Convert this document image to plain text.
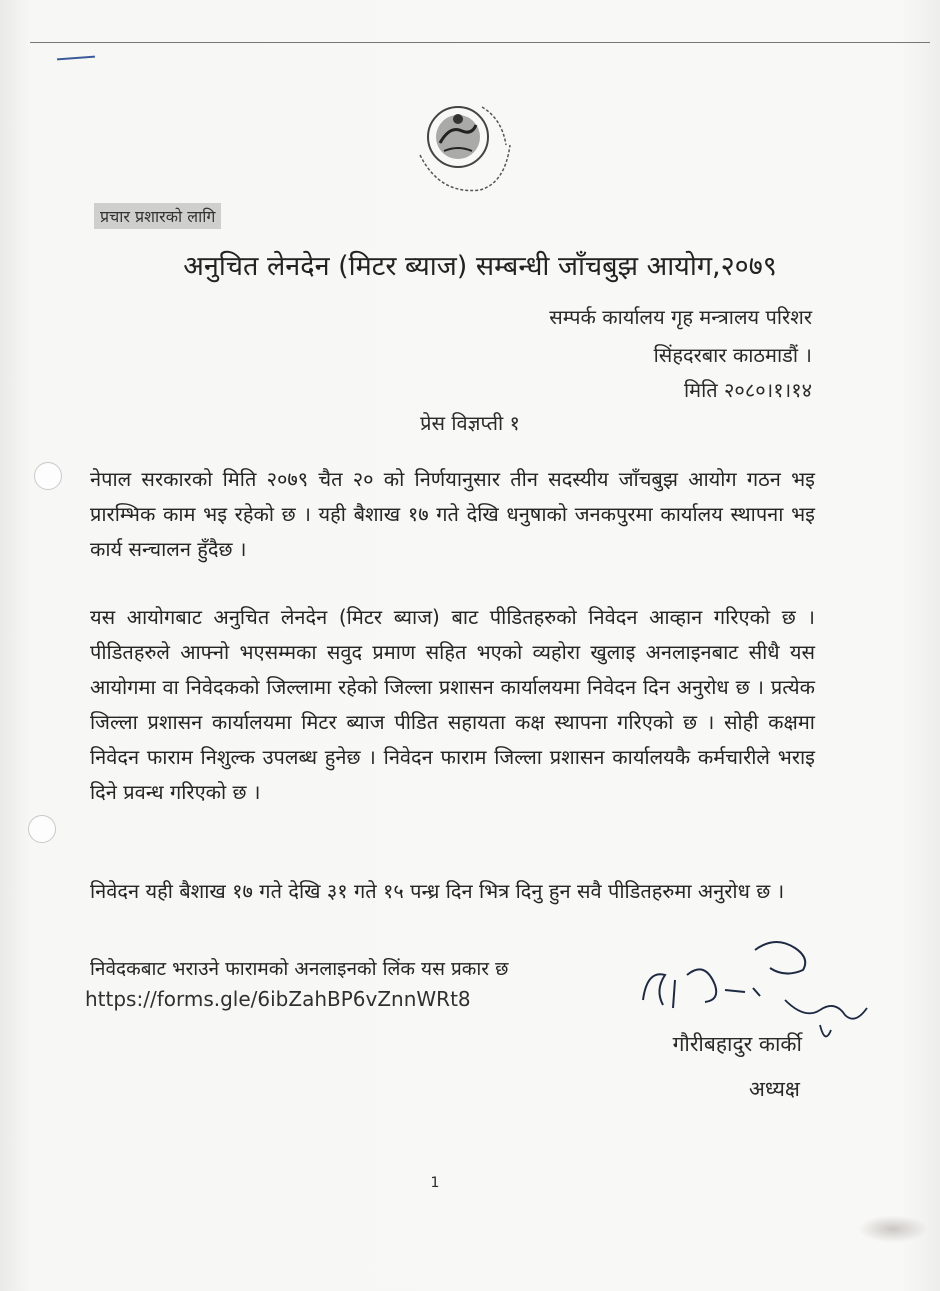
प्रचार प्रशारको लागि
अनुचित लेनदेन (मिटर ब्याज) सम्बन्धी जाँचबुझ आयोग,२०७९
सम्पर्क कार्यालय गृह मन्त्रालय परिशर
सिंहदरबार काठमाडौं ।
मिति २०८०।१।१४
प्रेस विज्ञप्ती १
नेपाल सरकारको मिति २०७९ चैत २० को निर्णयानुसार तीन सदस्यीय जाँचबुझ आयोग गठन भइ प्रारम्भिक काम भइ रहेको छ । यही बैशाख १७ गते देखि धनुषाको जनकपुरमा कार्यालय स्थापना भइ कार्य सन्चालन हुँदैछ ।
यस आयोगबाट अनुचित लेनदेन (मिटर ब्याज) बाट पीडितहरुको निवेदन आव्हान गरिएको छ । पीडितहरुले आफ्नो भएसम्मका सवुद प्रमाण सहित भएको व्यहोरा खुलाइ अनलाइनबाट सीधै यस आयोगमा वा निवेदकको जिल्लामा रहेको जिल्ला प्रशासन कार्यालयमा निवेदन दिन अनुरोध छ । प्रत्येक जिल्ला प्रशासन कार्यालयमा मिटर ब्याज पीडित सहायता कक्ष स्थापना गरिएको छ । सोही कक्षमा निवेदन फाराम निशुल्क उपलब्ध हुनेछ । निवेदन फाराम जिल्ला प्रशासन कार्यालयकै कर्मचारीले भराइ दिने प्रवन्ध गरिएको छ ।
निवेदन यही बैशाख १७ गते देखि ३१ गते १५ पन्ध्र दिन भित्र दिनु हुन सवै पीडितहरुमा अनुरोध छ ।
निवेदकबाट भराउने फारामको अनलाइनको लिंक यस प्रकार छ
https://forms.gle/6ibZahBP6vZnnWRt8
गौरीबहादुर कार्की
अध्यक्ष
1
